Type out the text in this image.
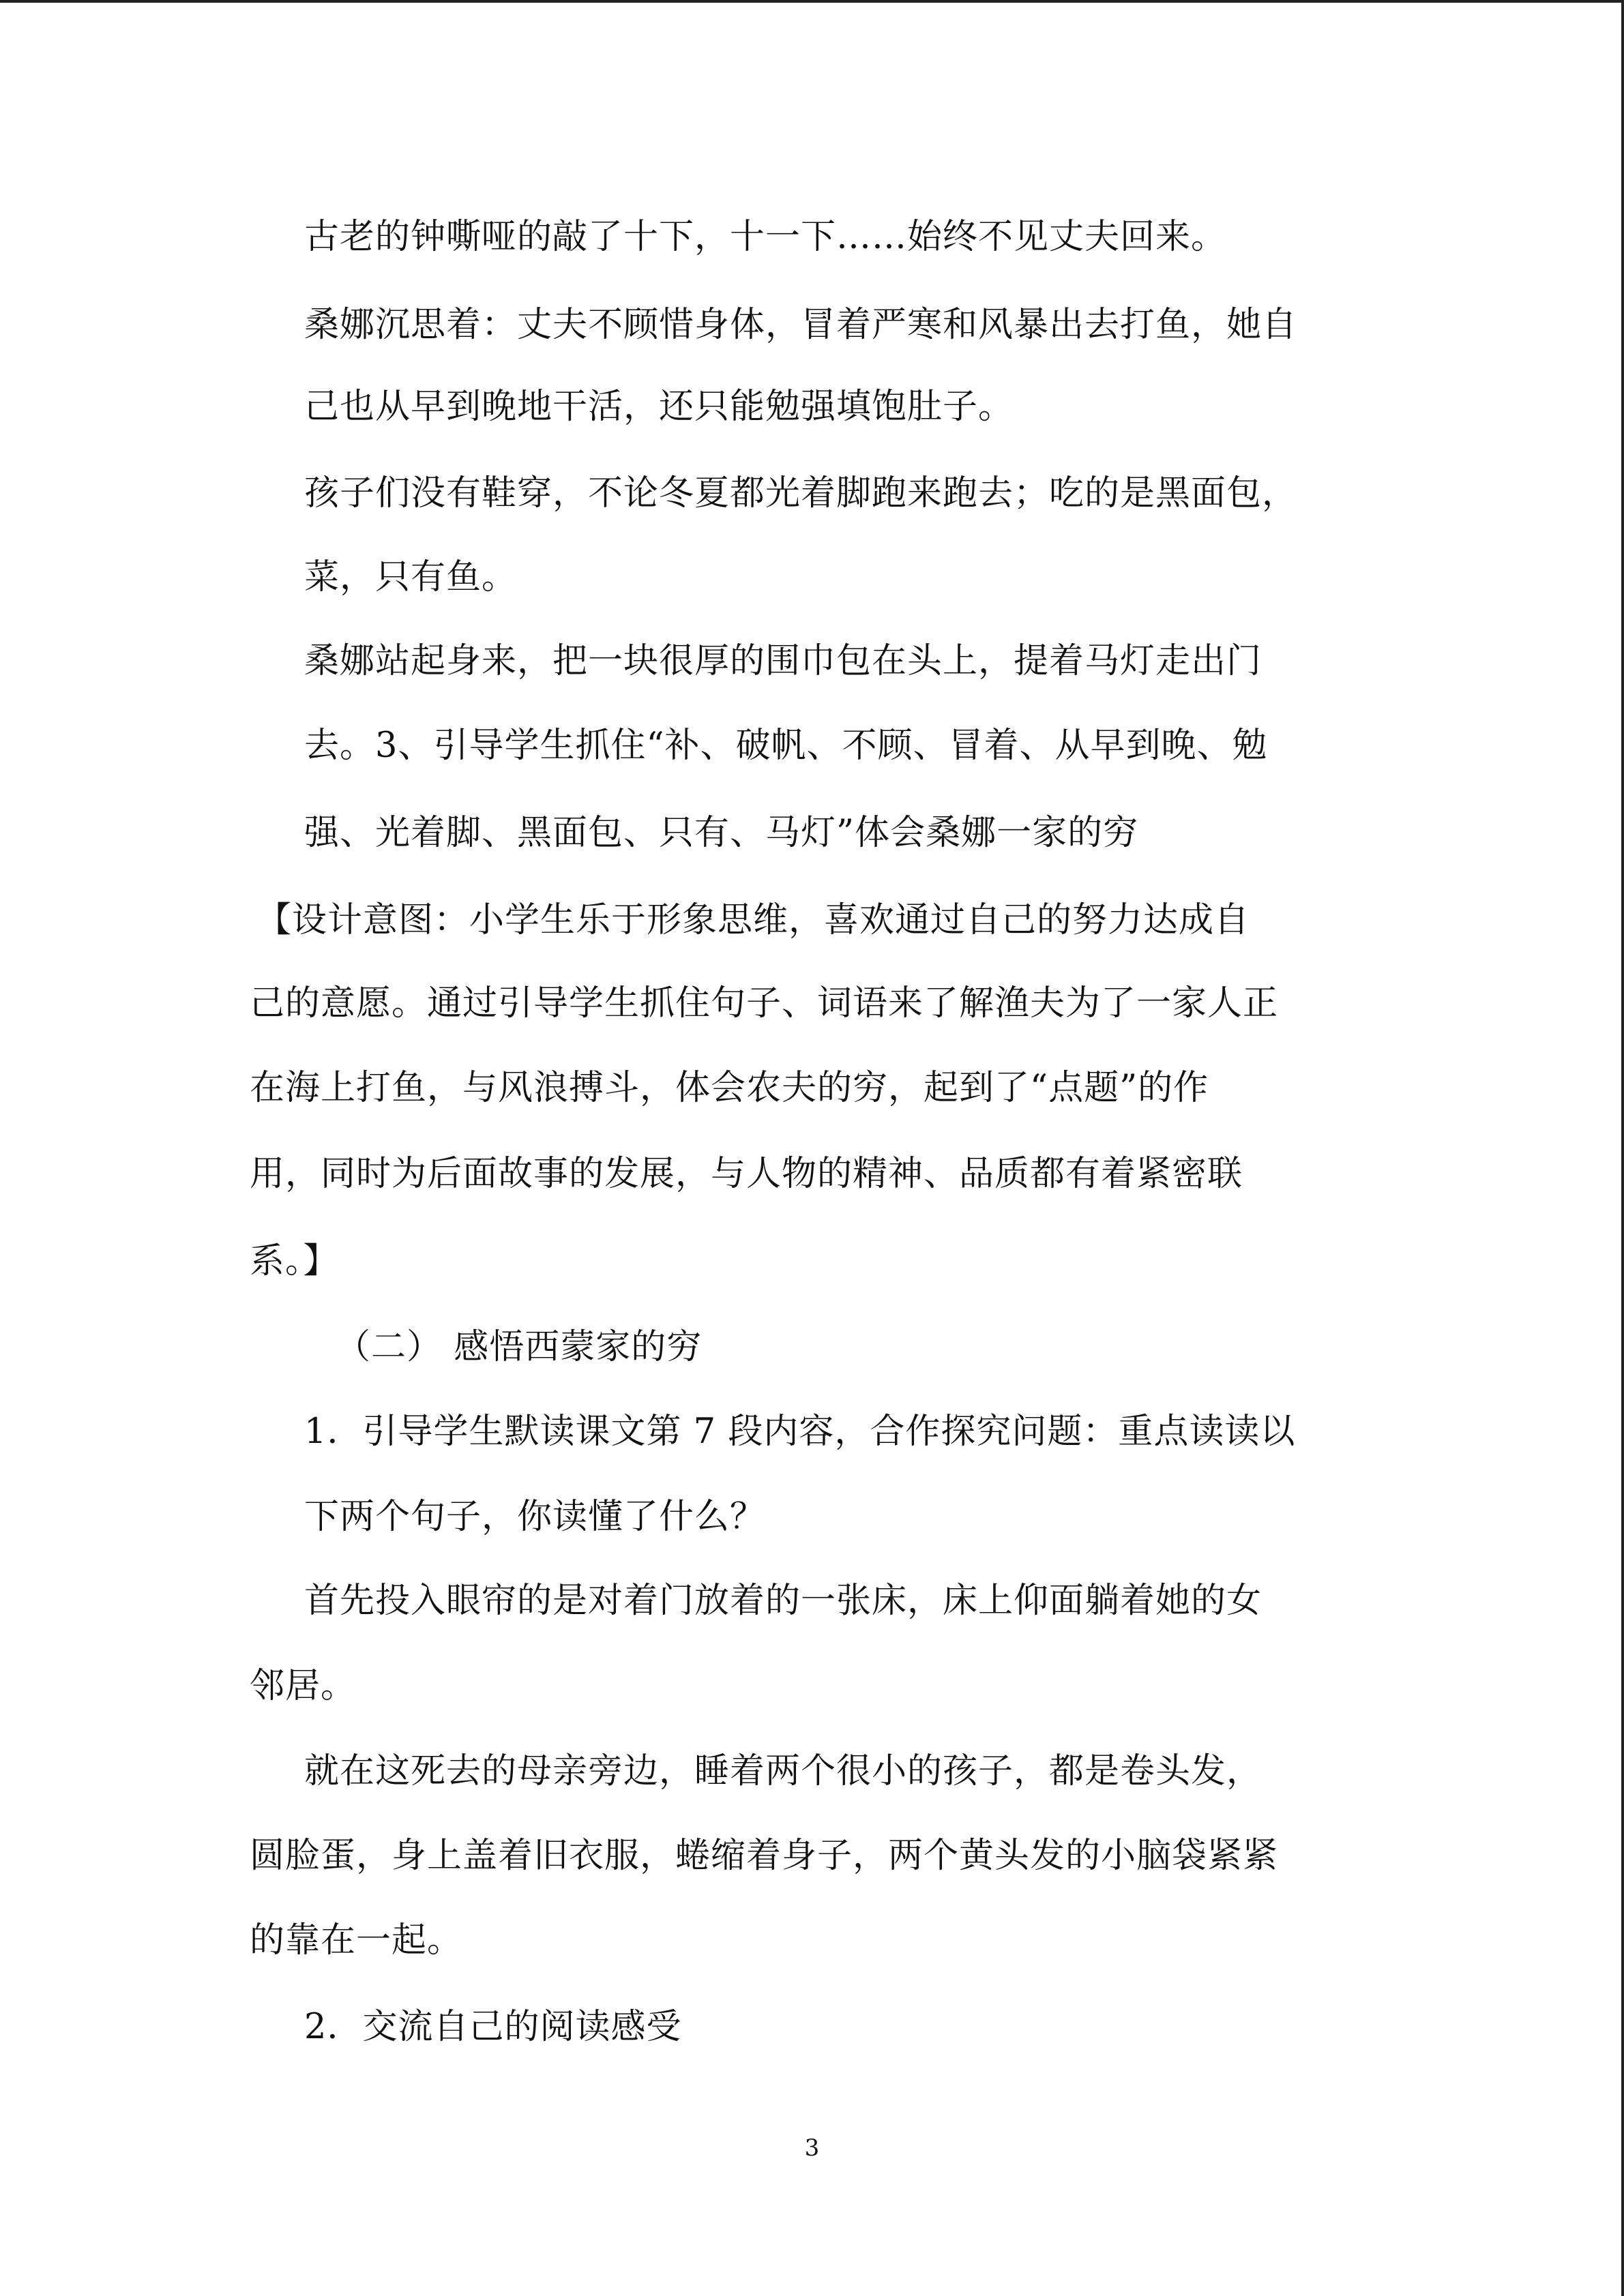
古老的钟嘶哑的敲了十下，十一下……始终不见丈夫回来。
桑娜沉思着：丈夫不顾惜身体，冒着严寒和风暴出去打鱼，她自
己也从早到晚地干活，还只能勉强填饱肚子。
孩子们没有鞋穿，不论冬夏都光着脚跑来跑去；吃的是黑面包，
菜，只有鱼。
桑娜站起身来，把一块很厚的围巾包在头上，提着马灯走出门
去。3、引导学生抓住“补、破帆、不顾、冒着、从早到晚、勉
强、光着脚、黑面包、只有、马灯”体会桑娜一家的穷
【设计意图：小学生乐于形象思维，喜欢通过自己的努力达成自
己的意愿。通过引导学生抓住句子、词语来了解渔夫为了一家人正
在海上打鱼，与风浪搏斗，体会农夫的穷，起到了“点题”的作
用，同时为后面故事的发展，与人物的精神、品质都有着紧密联
系。】
（二） 感悟西蒙家的穷
1．引导学生默读课文第 7 段内容，合作探究问题：重点读读以
下两个句子，你读懂了什么？
首先投入眼帘的是对着门放着的一张床，床上仰面躺着她的女
邻居。
就在这死去的母亲旁边，睡着两个很小的孩子，都是卷头发，
圆脸蛋，身上盖着旧衣服，蜷缩着身子，两个黄头发的小脑袋紧紧
的靠在一起。
2．交流自己的阅读感受
3
